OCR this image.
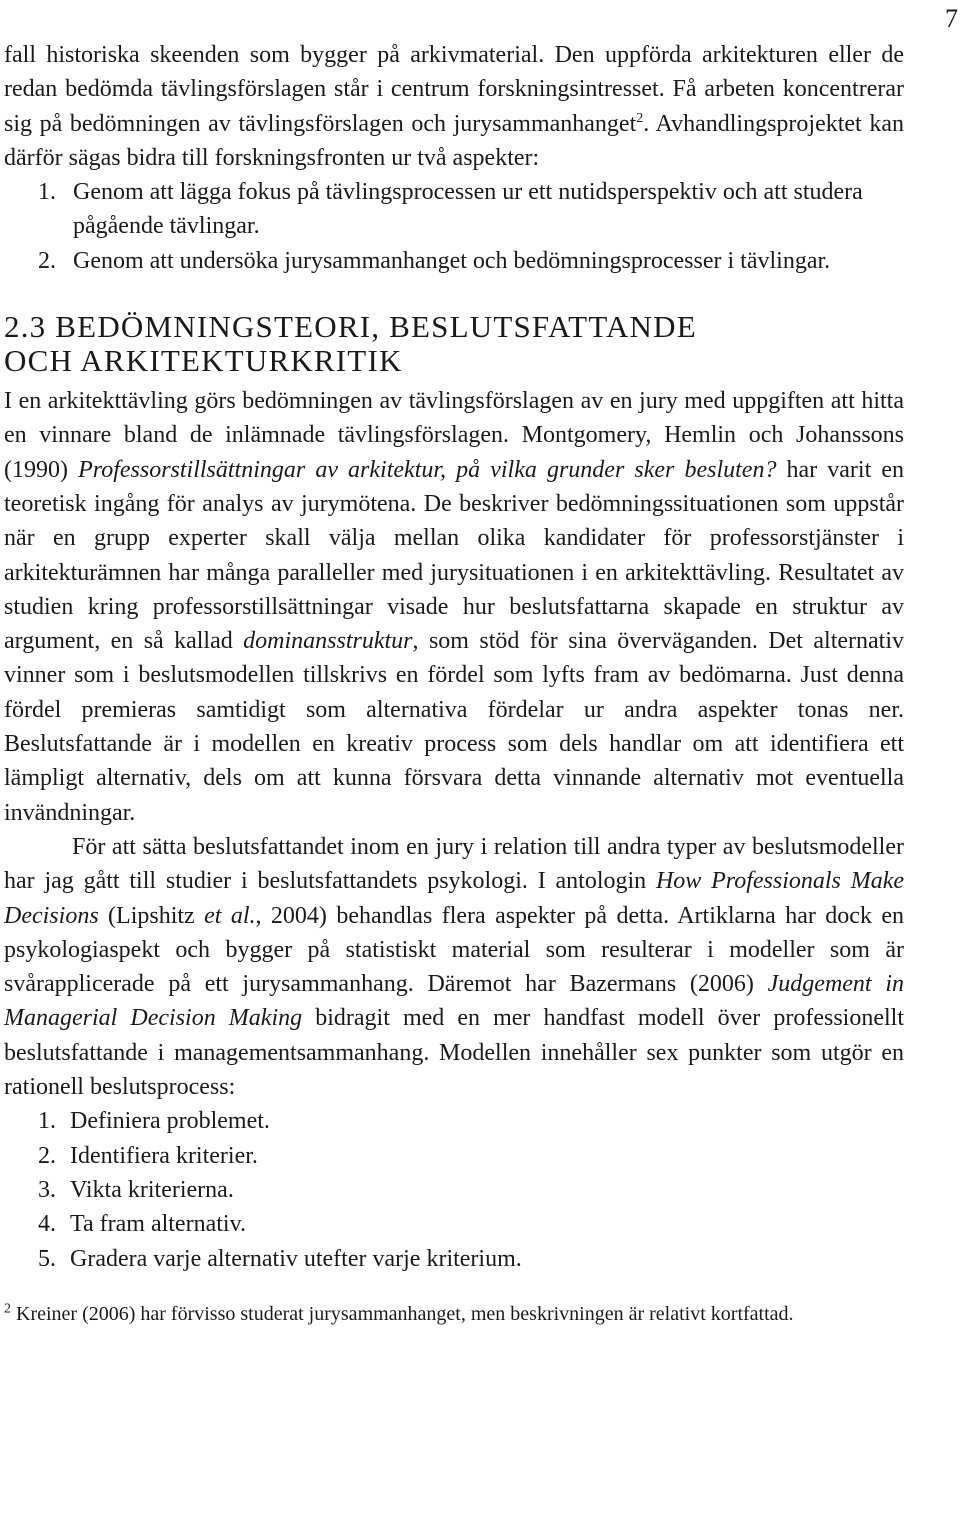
7

fall historiska skeenden som bygger på arkivmaterial. Den uppförda arkitekturen eller de redan bedömda tävlingsförslagen står i centrum forskningsintresset. Få arbeten koncentrerar sig på bedömningen av tävlingsförslagen och jurysammanhanget$^2$. Avhandlingsprojektet kan därför sägas bidra till forskningsfronten ur två aspekter:

1. Genom att lägga fokus på tävlingsprocessen ur ett nutidsperspektiv och att studera pågående tävlingar.
2. Genom att undersöka jurysammanhanget och bedömningsprocesser i tävlingar.
2.3 BEDÖMNINGSTEORI, BESLUTSFATTANDE
OCH ARKITEKTURKRITIK

I en arkitekttävling görs bedömningen av tävlingsförslagen av en jury med uppgiften att hitta en vinnare bland de inlämnade tävlingsförslagen. Montgomery, Hemlin och Johanssons (1990) Professorstillsättningar av arkitektur, på vilka grunder sker besluten? har varit en teoretisk ingång för analys av jurymötena. De beskriver bedömningssituationen som uppstår när en grupp experter skall välja mellan olika kandidater för professorstjänster i arkitekturämnen har många paralleller med jurysituationen i en arkitekttävling. Resultatet av studien kring professorstillsättningar visade hur beslutsfattarna skapade en struktur av argument, en så kallad dominansstruktur, som stöd för sina överväganden. Det alternativ vinner som i beslutsmodellen tillskrivs en fördel som lyfts fram av bedömarna. Just denna fördel premieras samtidigt som alternativa fördelar ur andra aspekter tonas ner. Beslutsfattande är i modellen en kreativ process som dels handlar om att identifiera ett lämpligt alternativ, dels om att kunna försvara detta vinnande alternativ mot eventuella invändningar.

För att sätta beslutsfattandet inom en jury i relation till andra typer av beslutsmodeller har jag gått till studier i beslutsfattandets psykologi. I antologin How Professionals Make Decisions (Lipshitz et al., 2004) behandlas flera aspekter på detta. Artiklarna har dock en psykologiaspekt och bygger på statistiskt material som resulterar i modeller som är svårapplicerade på ett jurysammanhang. Däremot har Bazermans (2006) Judgement in Managerial Decision Making bidragit med en mer handfast modell över professionellt beslutsfattande i managementsammanhang. Modellen innehåller sex punkter som utgör en rationell beslutsprocess:

1. Definiera problemet.
2. Identifiera kriterier.
3. Vikta kriterierna.
4. Ta fram alternativ.
5. Gradera varje alternativ utefter varje kriterium.

$^2$ Kreiner (2006) har förvisso studerat jurysammanhanget, men beskrivningen är relativt kortfattad.
